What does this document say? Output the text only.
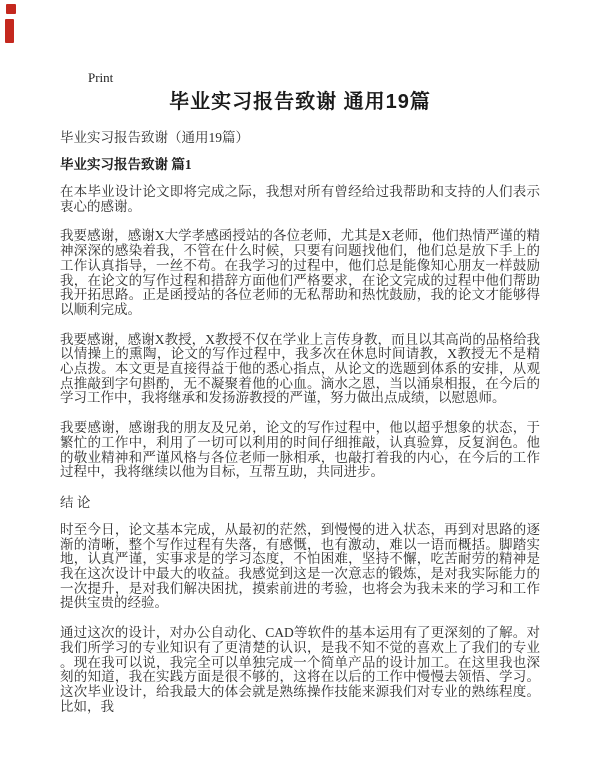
Print
毕业实习报告致谢 通用19篇
毕业实习报告致谢（通用19篇）
毕业实习报告致谢 篇1

在本毕业设计论文即将完成之际，我想对所有曾经给过我帮助和支持的人们表示衷心的感谢。

我要感谢，感谢X大学孝感函授站的各位老师，尤其是X老师，他们热情严谨的精神深深的感染着我，不管在什么时候，只要有问题找他们，他们总是放下手上的工作认真指导，一丝不苟。在我学习的过程中，他们总是能像知心朋友一样鼓励我，在论文的写作过程和措辞方面他们严格要求，在论文完成的过程中他们帮助我开拓思路。正是函授站的各位老师的无私帮助和热忱鼓励，我的论文才能够得以顺利完成。

我要感谢，感谢X教授，X教授不仅在学业上言传身教，而且以其高尚的品格给我以情操上的熏陶，论文的写作过程中，我多次在休息时间请教，X教授无不是精心点拨。本文更是直接得益于他的悉心指点，从论文的选题到体系的安排，从观点推敲到字句斟酌，无不凝聚着他的心血。滴水之恩，当以涌泉相报，在今后的学习工作中，我将继承和发扬游教授的严谨，努力做出点成绩，以慰恩师。

我要感谢，感谢我的朋友及兄弟，论文的写作过程中，他以超乎想象的状态，于繁忙的工作中，利用了一切可以利用的时间仔细推敲，认真验算，反复润色。他的敬业精神和严谨风格与各位老师一脉相承，也敲打着我的内心，在今后的工作过程中，我将继续以他为目标，互帮互助，共同进步。

结 论

时至今日，论文基本完成，从最初的茫然，到慢慢的进入状态，再到对思路的逐渐的清晰，整个写作过程有失落，有感慨，也有激动，难以一语而概括。脚踏实地，认真严谨，实事求是的学习态度，不怕困难，坚持不懈，吃苦耐劳的精神是我在这次设计中最大的收益。我感觉到这是一次意志的锻炼，是对我实际能力的一次提升，是对我们解决困扰，摸索前进的考验，也将会为我未来的学习和工作提供宝贵的经验。

通过这次的设计，对办公自动化、CAD等软件的基本运用有了更深刻的了解。对我们所学习的专业知识有了更清楚的认识，是我不知不觉的喜欢上了我们的专业。现在我可以说，我完全可以单独完成一个简单产品的设计加工。在这里我也深刻的知道，我在实践方面是很不够的，这将在以后的工作中慢慢去领悟、学习。这次毕业设计，给我最大的体会就是熟练操作技能来源我们对专业的熟练程度。比如，我
